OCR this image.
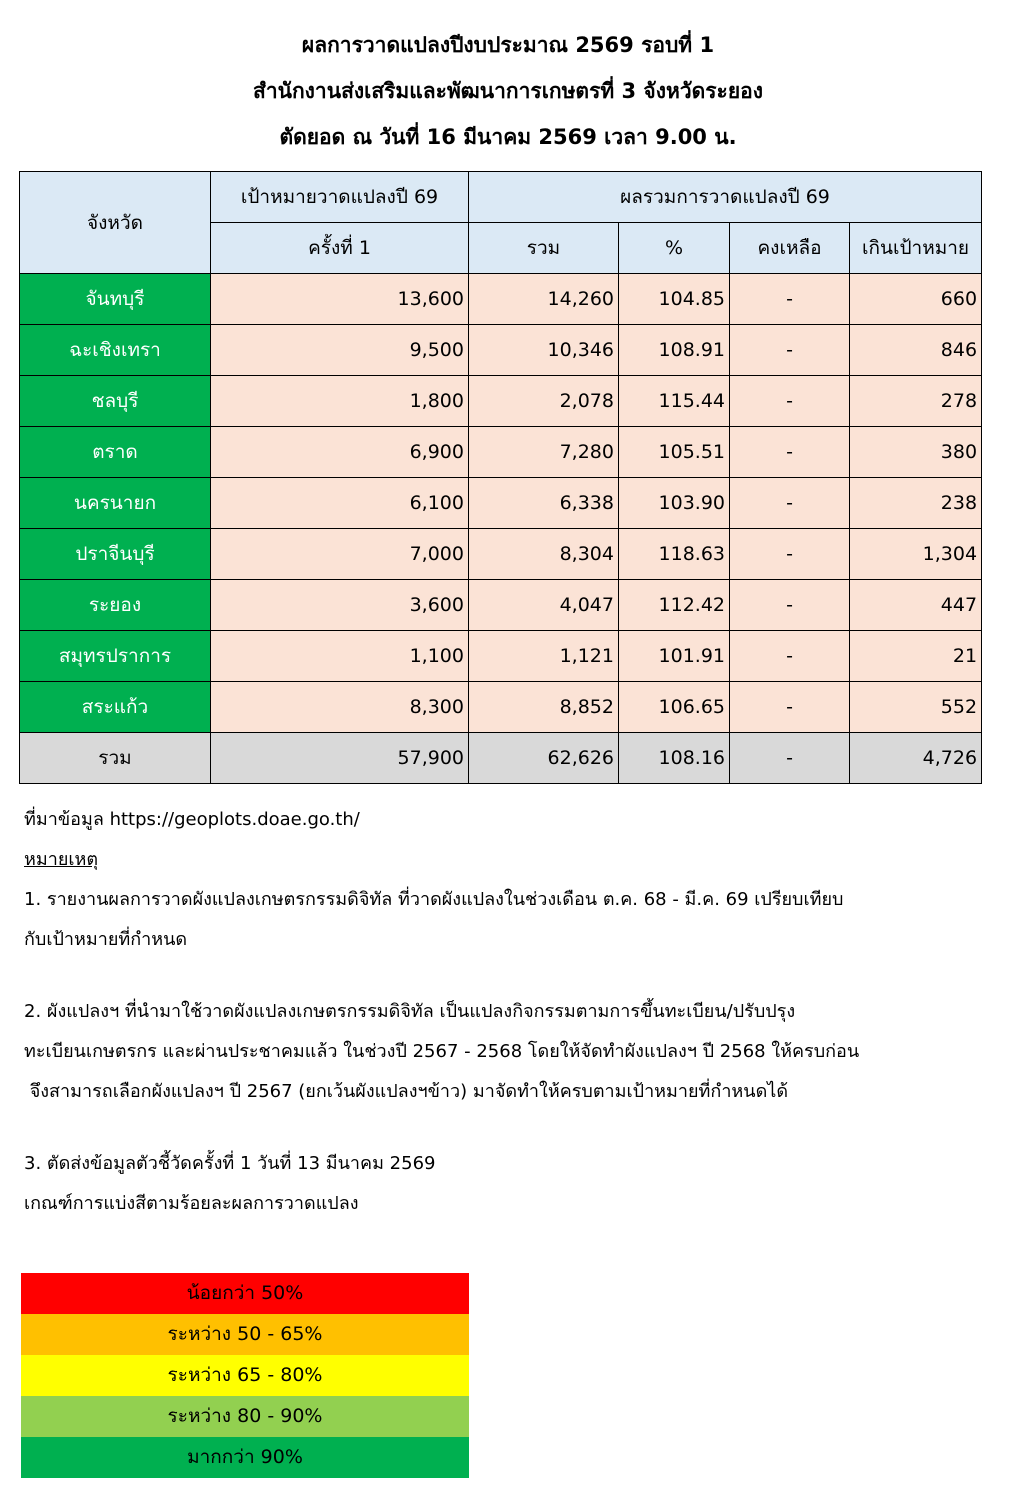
ผลการวาดแปลงปีงบประมาณ 2569 รอบที่ 1
สำนักงานส่งเสริมและพัฒนาการเกษตรที่ 3 จังหวัดระยอง
ตัดยอด ณ วันที่ 16 มีนาคม 2569 เวลา 9.00 น.
จังหวัด	เป้าหมายวาดแปลงปี 69	ผลรวมการวาดแปลงปี 69			
	ครั้งที่ 1	รวม	%	คงเหลือ	เกินเป้าหมาย
จันทบุรี	13,600	14,260	104.85	-	660
ฉะเชิงเทรา	9,500	10,346	108.91	-	846
ชลบุรี	1,800	2,078	115.44	-	278
ตราด	6,900	7,280	105.51	-	380
นครนายก	6,100	6,338	103.90	-	238
ปราจีนบุรี	7,000	8,304	118.63	-	1,304
ระยอง	3,600	4,047	112.42	-	447
สมุทรปราการ	1,100	1,121	101.91	-	21
สระแก้ว	8,300	8,852	106.65	-	552
รวม	57,900	62,626	108.16	-	4,726
ที่มาข้อมูล https://geoplots.doae.go.th/
หมายเหตุ
1. รายงานผลการวาดผังแปลงเกษตรกรรมดิจิทัล ที่วาดผังแปลงในช่วงเดือน ต.ค. 68 - มี.ค. 69 เปรียบเทียบ
กับเป้าหมายที่กำหนด
2. ผังแปลงฯ ที่นำมาใช้วาดผังแปลงเกษตรกรรมดิจิทัล เป็นแปลงกิจกรรมตามการขึ้นทะเบียน/ปรับปรุง
ทะเบียนเกษตรกร และผ่านประชาคมแล้ว ในช่วงปี 2567 - 2568 โดยให้จัดทำผังแปลงฯ ปี 2568 ให้ครบก่อน
จึงสามารถเลือกผังแปลงฯ ปี 2567 (ยกเว้นผังแปลงฯข้าว) มาจัดทำให้ครบตามเป้าหมายที่กำหนดได้
3. ตัดส่งข้อมูลตัวชี้วัดครั้งที่ 1 วันที่ 13 มีนาคม 2569
เกณฑ์การแบ่งสีตามร้อยละผลการวาดแปลง
น้อยกว่า 50%
ระหว่าง 50 - 65%
ระหว่าง 65 - 80%
ระหว่าง 80 - 90%
มากกว่า 90%
